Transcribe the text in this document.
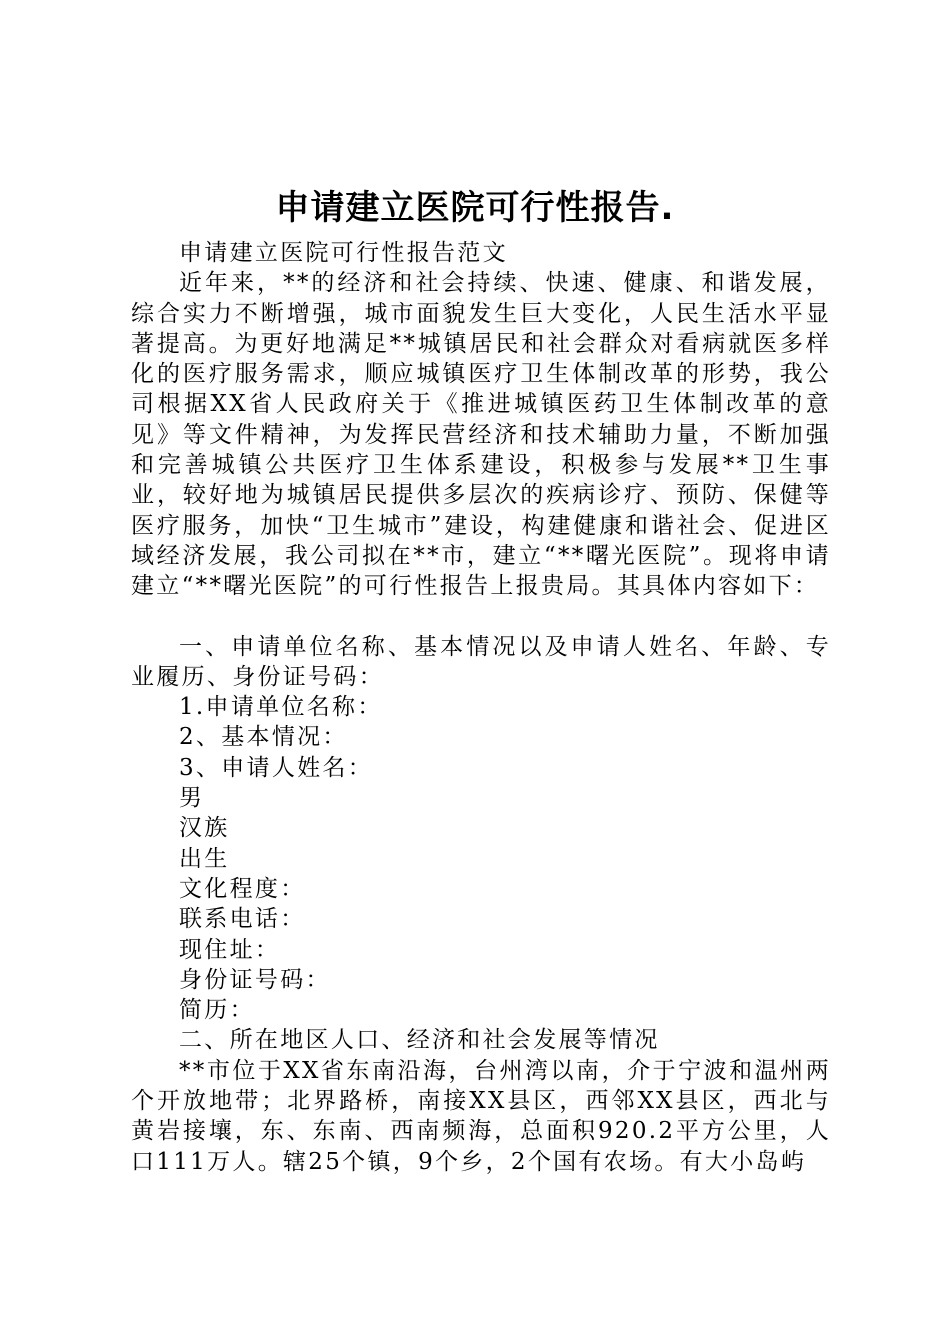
申请建立医院可行性报告.

申请建立医院可行性报告范文

近年来，**的经济和社会持续、快速、健康、和谐发展，综合实力不断增强，城市面貌发生巨大变化，人民生活水平显著提高。为更好地满足**城镇居民和社会群众对看病就医多样化的医疗服务需求，顺应城镇医疗卫生体制改革的形势，我公司根据XX省人民政府关于《推进城镇医药卫生体制改革的意见》等文件精神，为发挥民营经济和技术辅助力量，不断加强和完善城镇公共医疗卫生体系建设，积极参与发展**卫生事业，较好地为城镇居民提供多层次的疾病诊疗、预防、保健等医疗服务，加快“卫生城市”建设，构建健康和谐社会、促进区域经济发展，我公司拟在**市，建立“**曙光医院”。现将申请建立“**曙光医院”的可行性报告上报贵局。其具体内容如下：

一、申请单位名称、基本情况以及申请人姓名、年龄、专业履历、身份证号码：

1.申请单位名称：

2、基本情况：

3、申请人姓名：

男

汉族

出生

文化程度：

联系电话：

现住址：

身份证号码：

简历：

二、所在地区人口、经济和社会发展等情况

**市位于XX省东南沿海，台州湾以南，介于宁波和温州两个开放地带；北界路桥，南接XX县区，西邻XX县区，西北与黄岩接壤，东、东南、西南频海，总面积920.2平方公里，人口111万人。辖25个镇，9个乡，2个国有农场。有大小岛屿
